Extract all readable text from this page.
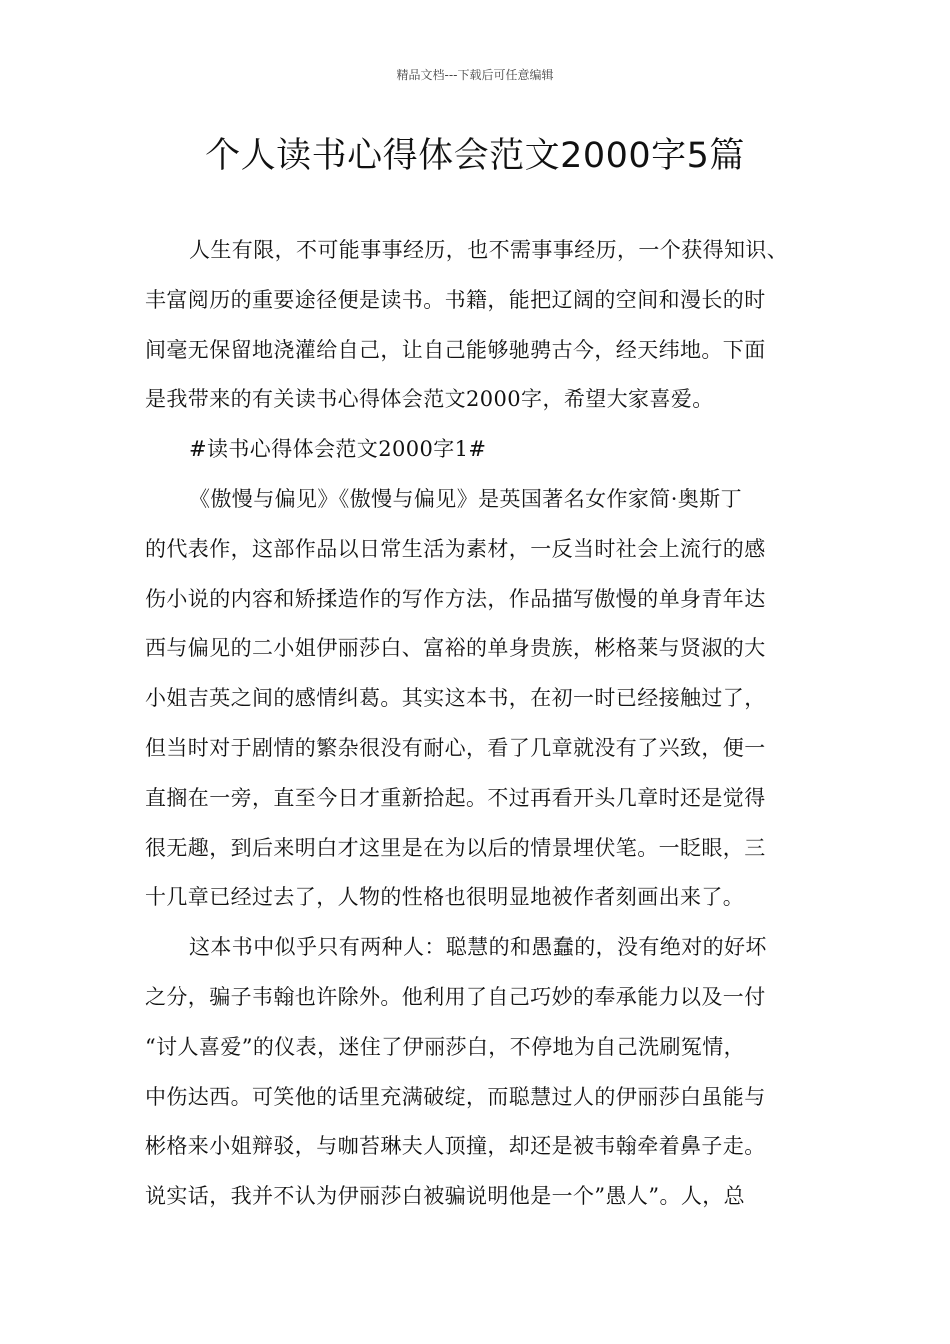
精品文档---下载后可任意编辑
个人读书心得体会范文2000字5篇
人生有限，不可能事事经历，也不需事事经历，一个获得知识、
丰富阅历的重要途径便是读书。书籍，能把辽阔的空间和漫长的时
间毫无保留地浇灌给自己，让自己能够驰骋古今，经天纬地。下面
是我带来的有关读书心得体会范文2000字，希望大家喜爱。
#读书心得体会范文2000字1#
《傲慢与偏见》《傲慢与偏见》是英国著名女作家简·奥斯丁
的代表作，这部作品以日常生活为素材，一反当时社会上流行的感
伤小说的内容和矫揉造作的写作方法，作品描写傲慢的单身青年达
西与偏见的二小姐伊丽莎白、富裕的单身贵族，彬格莱与贤淑的大
小姐吉英之间的感情纠葛。其实这本书，在初一时已经接触过了，
但当时对于剧情的繁杂很没有耐心，看了几章就没有了兴致，便一
直搁在一旁，直至今日才重新拾起。不过再看开头几章时还是觉得
很无趣，到后来明白才这里是在为以后的情景埋伏笔。一眨眼，三
十几章已经过去了，人物的性格也很明显地被作者刻画出来了。
这本书中似乎只有两种人：聪慧的和愚蠢的，没有绝对的好坏
之分，骗子韦翰也许除外。他利用了自己巧妙的奉承能力以及一付
“讨人喜爱”的仪表，迷住了伊丽莎白，不停地为自己洗刷冤情，
中伤达西。可笑他的话里充满破绽，而聪慧过人的伊丽莎白虽能与
彬格来小姐辩驳，与咖苔琳夫人顶撞，却还是被韦翰牵着鼻子走。
说实话，我并不认为伊丽莎白被骗说明他是一个”愚人”。人，总
